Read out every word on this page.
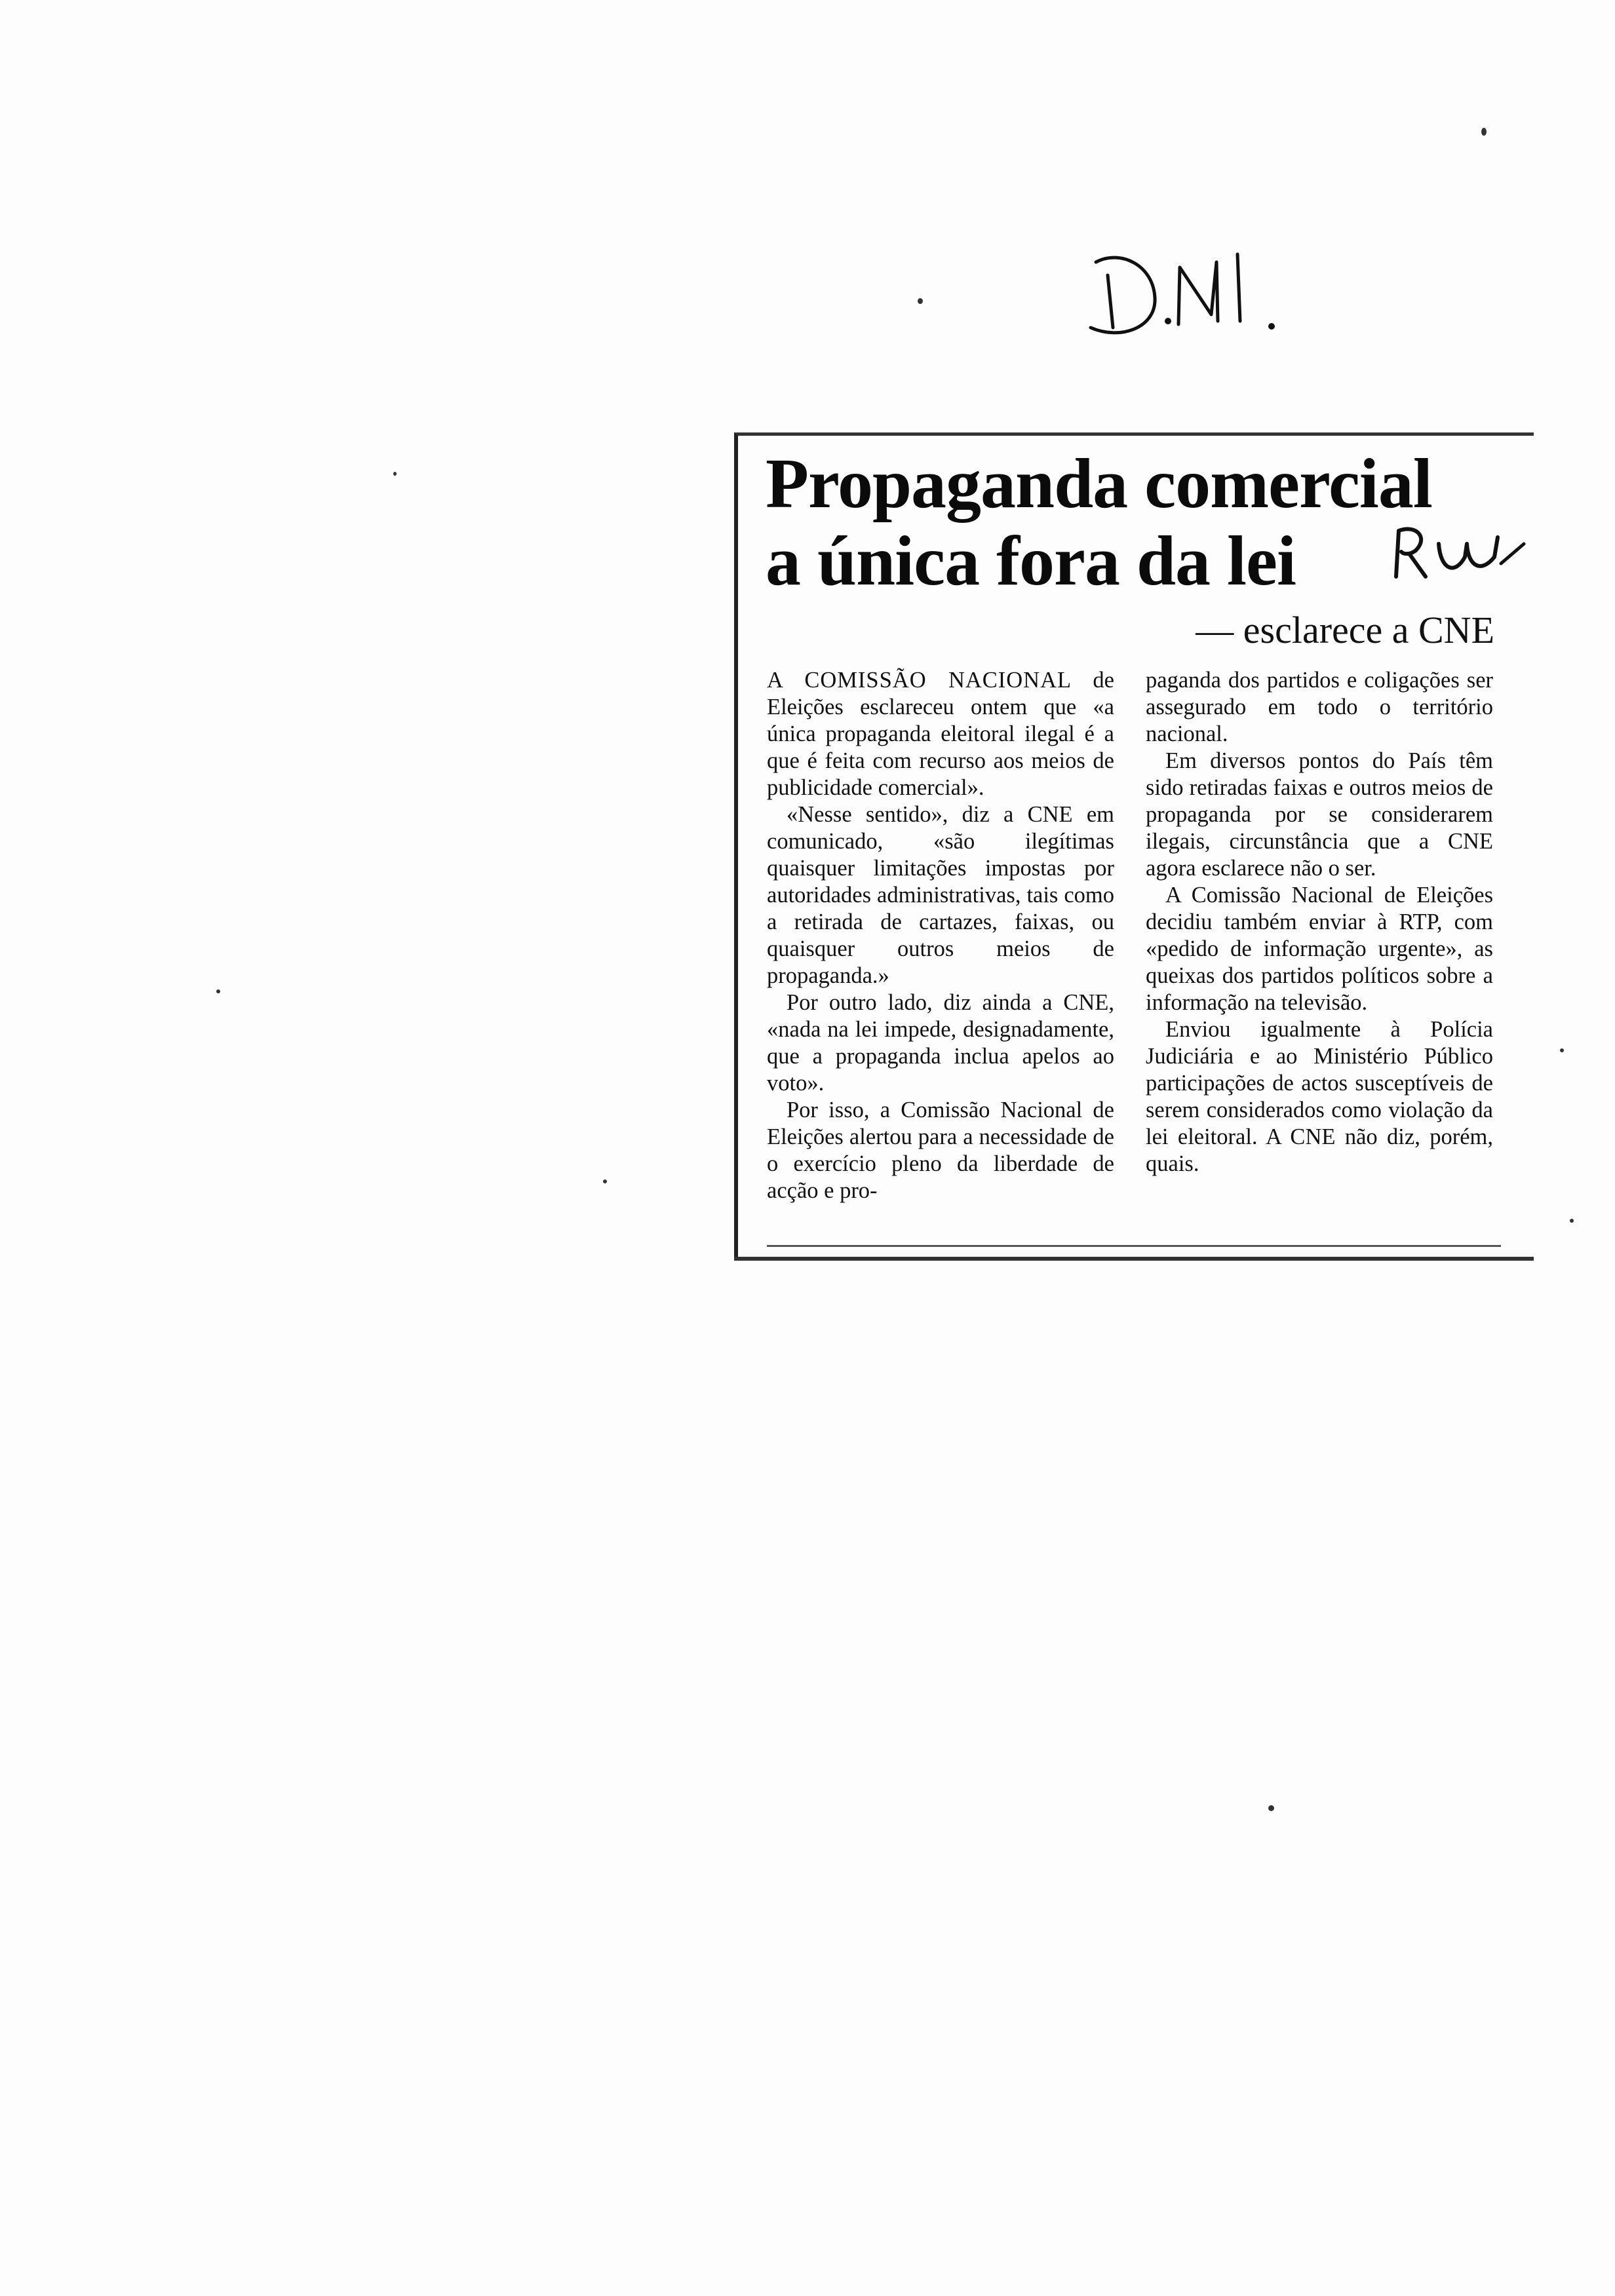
Propaganda comercial
a única fora da lei
— esclarece a CNE

A COMISSÃO NACIONAL de Eleições esclareceu ontem que «a única propaganda eleitoral ilegal é a que é feita com recurso aos meios de publicidade comercial».

«Nesse sentido», diz a CNE em comunicado, «são ilegítimas quaisquer limitações impostas por autoridades administrativas, tais como a retirada de cartazes, faixas, ou quaisquer outros meios de propaganda.»

Por outro lado, diz ainda a CNE, «nada na lei impede, designadamente, que a propaganda inclua apelos ao voto».

Por isso, a Comissão Nacional de Eleições alertou para a necessidade de o exercício pleno da liberdade de acção e pro-

paganda dos partidos e coligações ser assegurado em todo o território nacional.

Em diversos pontos do País têm sido retiradas faixas e outros meios de propaganda por se considerarem ilegais, circunstância que a CNE agora esclarece não o ser.

A Comissão Nacional de Eleições decidiu também enviar à RTP, com «pedido de informação urgente», as queixas dos partidos políticos sobre a informação na televisão.

Enviou igualmente à Polícia Judiciária e ao Ministério Público participações de actos susceptíveis de serem considerados como violação da lei eleitoral. A CNE não diz, porém, quais.
